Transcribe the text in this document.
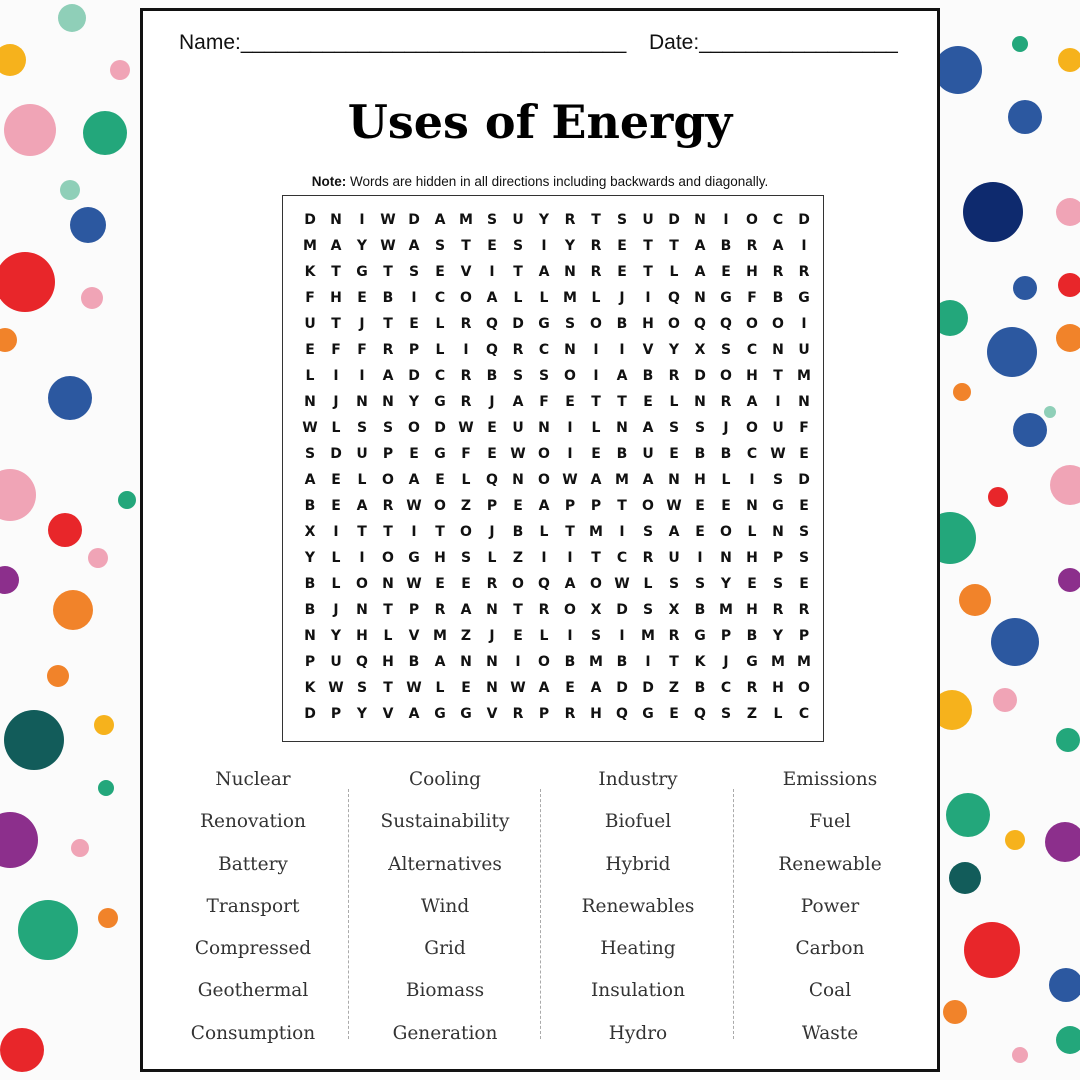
Name:_________________________________ Date:_________________
Uses of Energy
Note: Words are hidden in all directions including backwards and diagonally.
D	N	I	W D	A M S	U	Y	R	T	S	U	D	N	I	O	C	D
M A	Y W A	S	T	E	S	I	Y	R	E	T	T	A	B	R	A	I
K	T	G	T	S	E	V	I	T	A	N	R	E	T	L	A	E	H	R	R
F	H	E	B	I	C	O	A	L	L	M	L	J	I	Q	N	G	F	B	G
U	T	J	T	E	L	R	Q	D	G	S	O	B	H	O	Q	Q	O	O	I
E	F	F	R	P	L	I	Q	R	C	N	I	I	V	Y	X	S	C	N	U
L	I	I	A	D	C	R	B	S	S	O	I	A	B	R	D	O	H	T	M
N	J	N	N	Y	G	R	J	A	F	E	T	T	E	L	N	R	A	I	N
W L	S	S	O	D W E	U	N	I	L	N	A	S	S	J	O	U	F
S	D	U	P	E	G	F	E W O	I	E	B	U	E	B	B	C W E
A	E	L	O	A	E	L	Q	N	O W A M A	N	H	L	I	S	D
B	E	A	R W O	Z	P	E	A	P	P	T	O W E	E	N	G	E
X	I	T	T	I	T	O	J	B	L	T	M	I	S	A	E	O	L	N	S
Y	L	I	O	G	H	S	L	Z	I	I	T	C	R	U	I	N	H	P	S
B	L	O	N W E	E	R	O	Q	A	O W L	S	S	Y	E	S	E
B	J	N	T	P	R	A	N	T	R	O	X	D	S	X	B M H	R	R
N	Y	H	L	V M Z	J	E	L	I	S	I	M R	G	P	B	Y	P
P	U	Q	H	B	A	N	N	I	O	B M B	I	T	K	J	G M M
K W S	T W L	E	N W A	E	A	D	D	Z	B	C	R	H	O
D	P	Y	V	A	G	G	V	R	P	R	H	Q	G	E	Q	S	Z	L	C
Nuclear
Renovation
Battery
Transport
Compressed
Geothermal
Consumption
Cooling
Sustainability
Alternatives
Wind
Grid
Biomass
Generation
Industry
Biofuel
Hybrid
Renewables
Heating
Insulation
Hydro
Emissions
Fuel
Renewable
Power
Carbon
Coal
Waste
